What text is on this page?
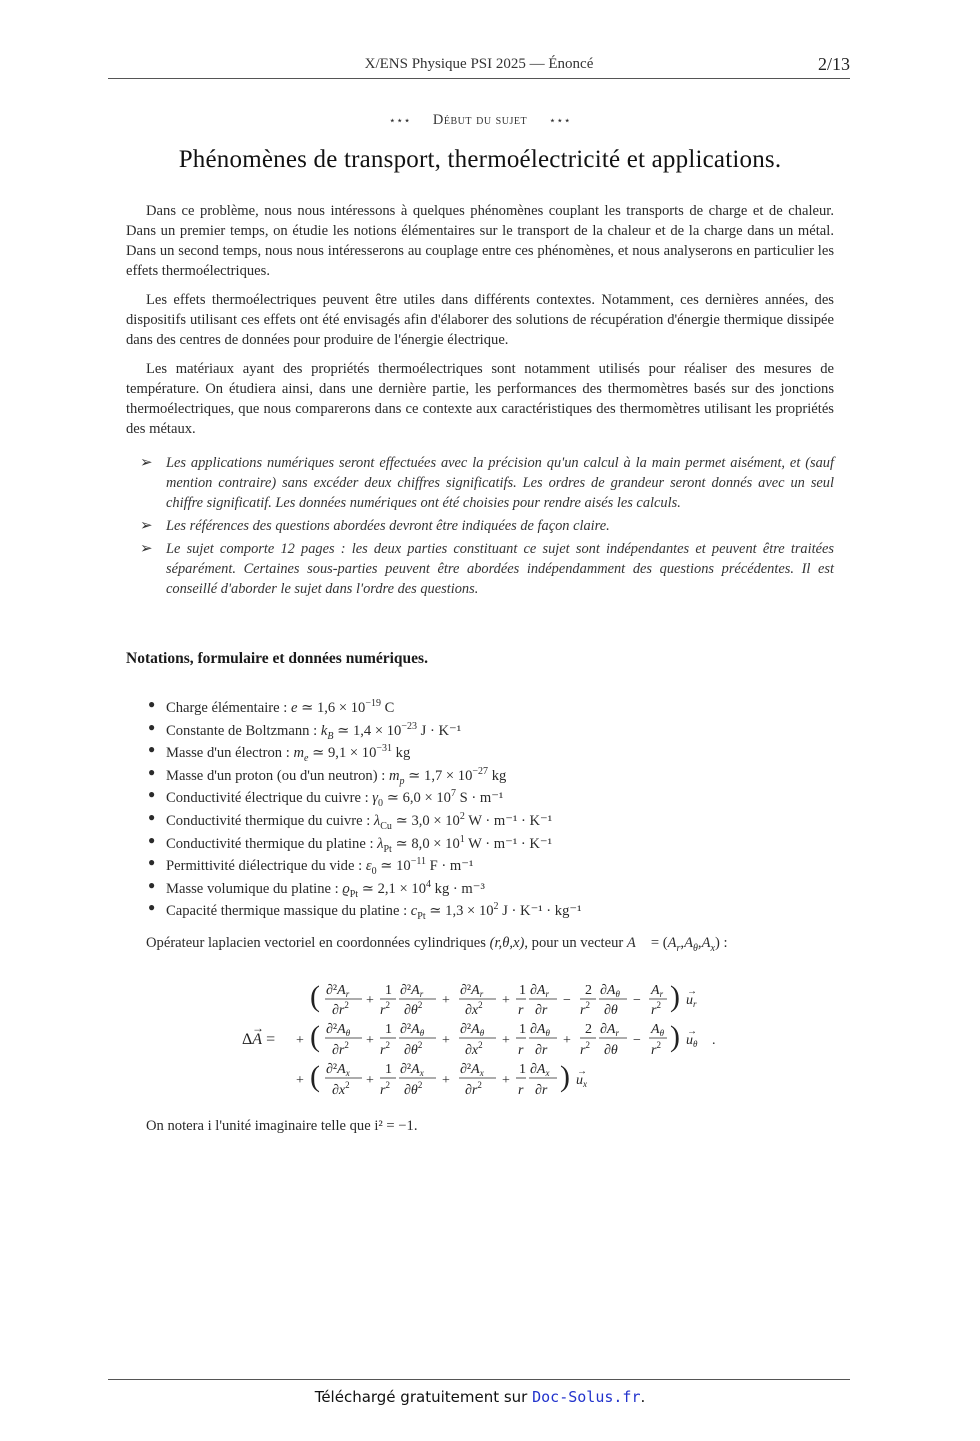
X/ENS Physique PSI 2025 — Énoncé	2/13
⋆⋆⋆ Début du sujet ⋆⋆⋆
Phénomènes de transport, thermoélectricité et applications.

Dans ce problème, nous nous intéressons à quelques phénomènes couplant les transports de charge et de chaleur. Dans un premier temps, on étudie les notions élémentaires sur le transport de la chaleur et de la charge dans un métal. Dans un second temps, nous nous intéresserons au couplage entre ces phénomènes, et nous analyserons en particulier les effets thermoélectriques.

Les effets thermoélectriques peuvent être utiles dans différents contextes. Notamment, ces dernières années, des dispositifs utilisant ces effets ont été envisagés afin d'élaborer des solutions de récupération d'énergie thermique dissipée dans des centres de données pour produire de l'énergie électrique.

Les matériaux ayant des propriétés thermoélectriques sont notamment utilisés pour réaliser des mesures de température. On étudiera ainsi, dans une dernière partie, les performances des thermomètres basés sur des jonctions thermoélectriques, que nous comparerons dans ce contexte aux caractéristiques des thermomètres utilisant les propriétés des métaux.

➢ Les applications numériques seront effectuées avec la précision qu'un calcul à la main permet aisément, et (sauf mention contraire) sans excéder deux chiffres significatifs. Les ordres de grandeur seront donnés avec un seul chiffre significatif. Les données numériques ont été choisies pour rendre aisés les calculs.
➢ Les références des questions abordées devront être indiquées de façon claire.
➢ Le sujet comporte 12 pages : les deux parties constituant ce sujet sont indépendantes et peuvent être traitées séparément. Certaines sous-parties peuvent être abordées indépendamment des questions précédentes. Il est conseillé d'aborder le sujet dans l'ordre des questions.
Notations, formulaire et données numériques.
● Charge élémentaire : e ≃ $1,6 \times 10^{-19}$ C
● Constante de Boltzmann : $k_B$ ≃ $1,4 \times 10^{-23}$ J · K⁻¹
● Masse d'un électron : $m_e$ ≃ $9,1 \times 10^{-31}$ kg
● Masse d'un proton (ou d'un neutron) : $m_p$ ≃ $1,7 \times 10^{-27}$ kg
● Conductivité électrique du cuivre : $\gamma_0$ ≃ $6,0 \times 10^7$ S · m⁻¹
● Conductivité thermique du cuivre : $\lambda_{Cu}$ ≃ $3,0 \times 10^2$ W · m⁻¹ · K⁻¹
● Conductivité thermique du platine : $\lambda_{Pt}$ ≃ $8,0 \times 10^1$ W · m⁻¹ · K⁻¹
● Permittivité diélectrique du vide : $\varepsilon_0$ ≃ $10^{-11}$ F · m⁻¹
● Masse volumique du platine : $ϱ_{Pt}$ ≃ $2,1 \times 10^4$ kg · m⁻³
● Capacité thermique massique du platine : $c_{Pt}$ ≃ $1,3 \times 10^2$ J · K⁻¹ · kg⁻¹
Opérateur laplacien vectoriel en coordonnées cylindriques (r,θ,x), pour un vecteur A⃗ = $(A_r,A_\theta,A_x)$ :
ΔA =
→
( $\partial^2A_r$
$\partial r^2$ +
1
$r^2$
$\partial^2A_r$
$\partial\theta^2$ +
$\partial^2A_r$
$\partial x^2$ +
1
r
$\partial A_r$
∂r
−
2
$r^2$
$\partial A_\theta$
∂θ
−
$A_r$
$r^2$ ) $u_r$
→
+ ( $\partial^2A_\theta$
$\partial r^2$ +
1
$r^2$
$\partial^2A_\theta$
$\partial\theta^2$ +
$\partial^2A_\theta$
$\partial x^2$ +
1
r
$\partial A_\theta$
∂r
+
2
$r^2$
$\partial A_r$
∂θ
−
$A_\theta$
$r^2$ ) $u_\theta$
→
.
+ ( $\partial^2A_x$
$\partial x^2$ +
1
$r^2$
$\partial^2A_x$
$\partial\theta^2$ +
$\partial^2A_x$
$\partial r^2$ +
1
r
$\partial A_x$
∂r ) $u_x$
→
On notera i l'unité imaginaire telle que i² = −1.
Téléchargé gratuitement sur Doc-Solus.fr.
